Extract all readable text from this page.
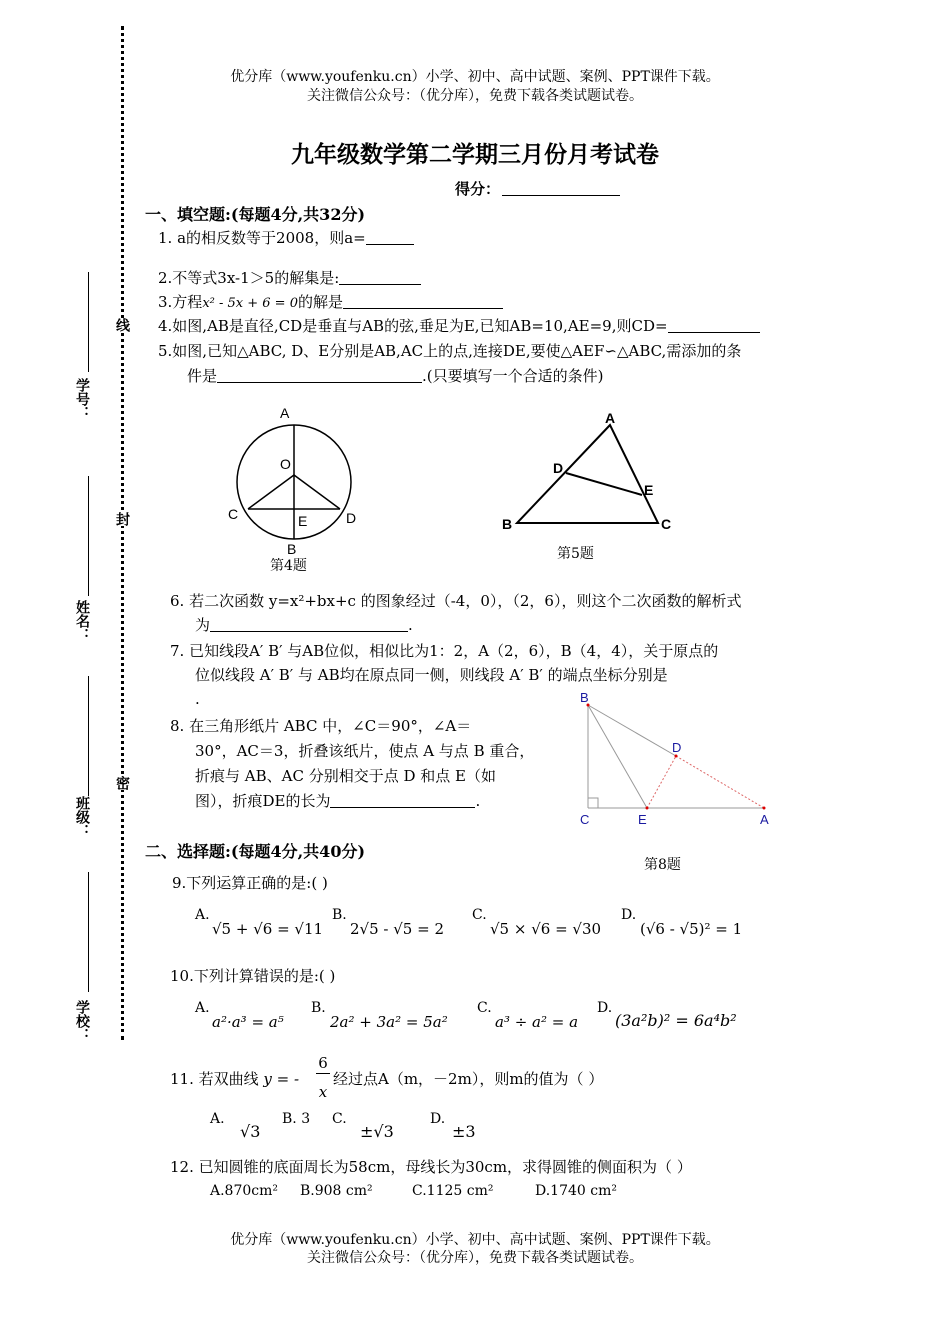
优分库（www.youfenku.cn）小学、初中、高中试题、案例、PPT课件下载。
关注微信公众号：（优分库），免费下载各类试题试卷。
学号：
姓名：
班级：
学校：
线
封
密
九年级数学第二学期三月份月考试卷
得分：
一、填空题:(每题4分,共32分)
1. a的相反数等于2008，则a=
2.不等式3x-1＞5的解集是:
3.方程x² - 5x + 6 = 0的解是
4.如图,AB是直径,CD是垂直与AB的弦,垂足为E,已知AB=10,AE=9,则CD=
5.如图,已知△ABC, D、E分别是AB,AC上的点,连接DE,要使△AEF∽△ABC,需添加的条
件是	.(只要填写一个合适的条件)
A
O
C	E	D
B
第4题
A
D
E
B	C
第5题
6. 若二次函数 y=x²+bx+c 的图象经过（-4，0），（2，6），则这个二次函数的解析式
为	.
7. 已知线段A′ B′ 与AB位似，相似比为1：2，A（2，6），B（4，4），关于原点的
位似线段 A′ B′ 与 AB均在原点同一侧，则线段 A′ B′ 的端点坐标分别是
.
8. 在三角形纸片 ABC 中，∠C＝90°，∠A＝
30°，AC＝3，折叠该纸片，使点 A 与点 B 重合，
折痕与 AB、AC 分别相交于点 D 和点 E（如
图），折痕DE的长为	.
B
D
C	E	A
第8题
二、选择题:(每题4分,共40分)
9.下列运算正确的是:( )
A.
√5 + √6 = √11
B.
2√5 - √5 = 2
C.
√5 × √6 = √30
D.
(√6 - √5)² = 1
10.下列计算错误的是:( )
A.
a²·a³ = a⁵
B.
2a² + 3a² = 5a²
C.
a³ ÷ a² = a
D.
(3a²b)² = 6a⁴b²
11. 若双曲线 y = -
6
x
经过点A（m，－2m），则m的值为（ ）
A.
√3
B. 3 C.
±√3
D.
±3
12. 已知圆锥的底面周长为58cm，母线长为30cm，求得圆锥的侧面积为（ ）
A.870cm² B.908 cm²	C.1125 cm²	D.1740 cm²
优分库（www.youfenku.cn）小学、初中、高中试题、案例、PPT课件下载。
关注微信公众号：（优分库），免费下载各类试题试卷。
